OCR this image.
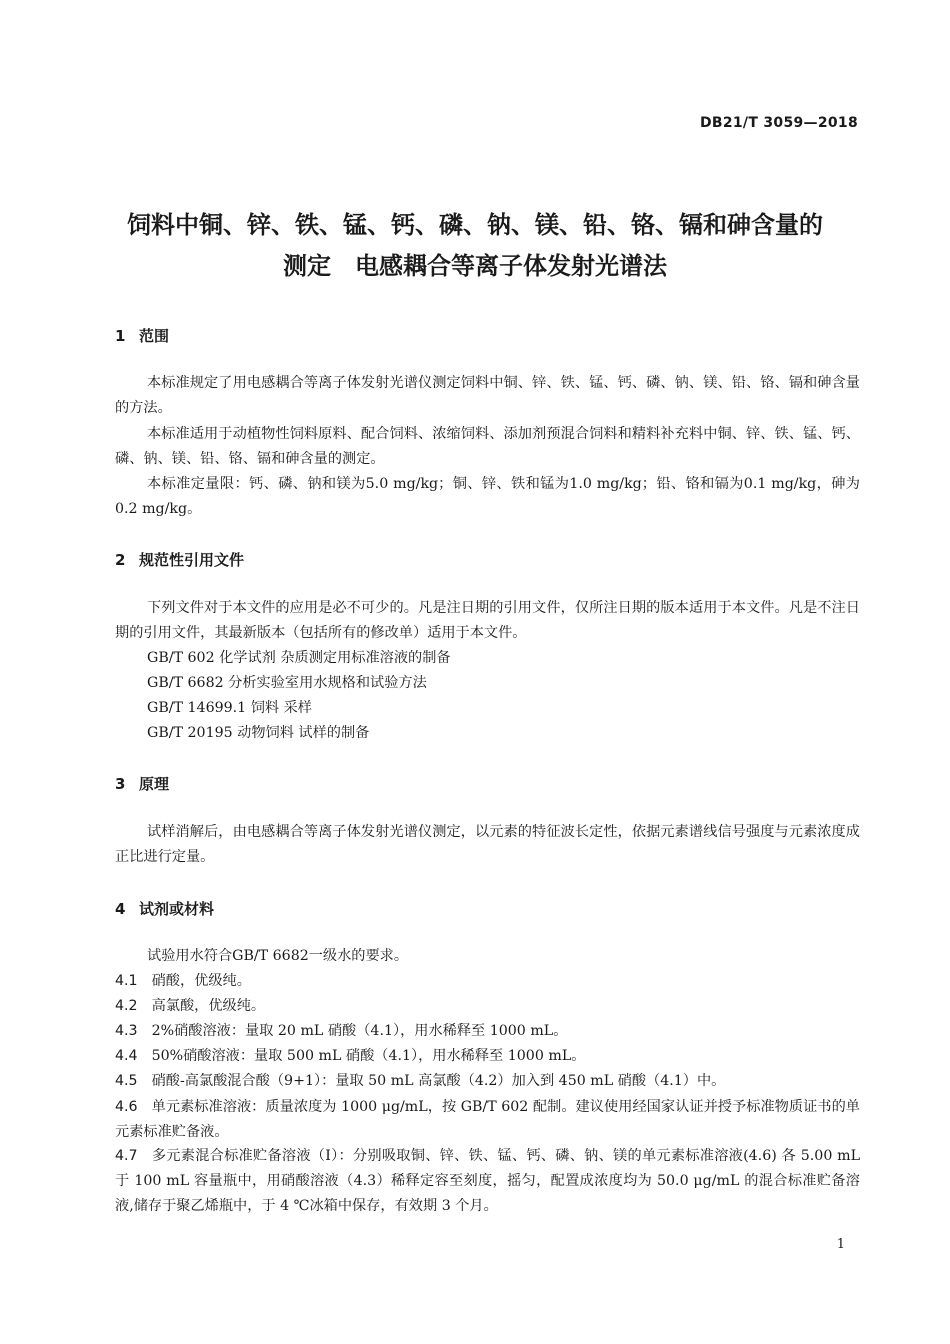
DB21/T 3059—2018
饲料中铜、锌、铁、锰、钙、磷、钠、镁、铅、铬、镉和砷含量的
测定　电感耦合等离子体发射光谱法
1 范围
本标准规定了用电感耦合等离子体发射光谱仪测定饲料中铜、锌、铁、锰、钙、磷、钠、镁、铅、铬、镉和砷含量的方法。
本标准适用于动植物性饲料原料、配合饲料、浓缩饲料、添加剂预混合饲料和精料补充料中铜、锌、铁、锰、钙、磷、钠、镁、铅、铬、镉和砷含量的测定。
本标准定量限：钙、磷、钠和镁为5.0 mg/kg；铜、锌、铁和锰为1.0 mg/kg；铅、铬和镉为0.1 mg/kg，砷为0.2 mg/kg。
2 规范性引用文件
下列文件对于本文件的应用是必不可少的。凡是注日期的引用文件，仅所注日期的版本适用于本文件。凡是不注日期的引用文件，其最新版本（包括所有的修改单）适用于本文件。
GB/T 602 化学试剂 杂质测定用标准溶液的制备
GB/T 6682 分析实验室用水规格和试验方法
GB/T 14699.1 饲料 采样
GB/T 20195 动物饲料 试样的制备
3 原理
试样消解后，由电感耦合等离子体发射光谱仪测定，以元素的特征波长定性，依据元素谱线信号强度与元素浓度成正比进行定量。
4 试剂或材料
试验用水符合GB/T 6682一级水的要求。
4.1 硝酸，优级纯。
4.2 高氯酸，优级纯。
4.3 2%硝酸溶液：量取 20 mL 硝酸（4.1），用水稀释至 1000 mL。
4.4 50%硝酸溶液：量取 500 mL 硝酸（4.1），用水稀释至 1000 mL。
4.5 硝酸-高氯酸混合酸（9+1）：量取 50 mL 高氯酸（4.2）加入到 450 mL 硝酸（4.1）中。
4.6 单元素标准溶液：质量浓度为 1000 μg/mL，按 GB/T 602 配制。建议使用经国家认证并授予标准物质证书的单元素标准贮备液。
4.7 多元素混合标准贮备溶液（Ⅰ）：分别吸取铜、锌、铁、锰、钙、磷、钠、镁的单元素标准溶液(4.6) 各 5.00 mL 于 100 mL 容量瓶中，用硝酸溶液（4.3）稀释定容至刻度，摇匀，配置成浓度均为 50.0 μg/mL 的混合标准贮备溶液,储存于聚乙烯瓶中，于 4 ℃冰箱中保存，有效期 3 个月。
1
